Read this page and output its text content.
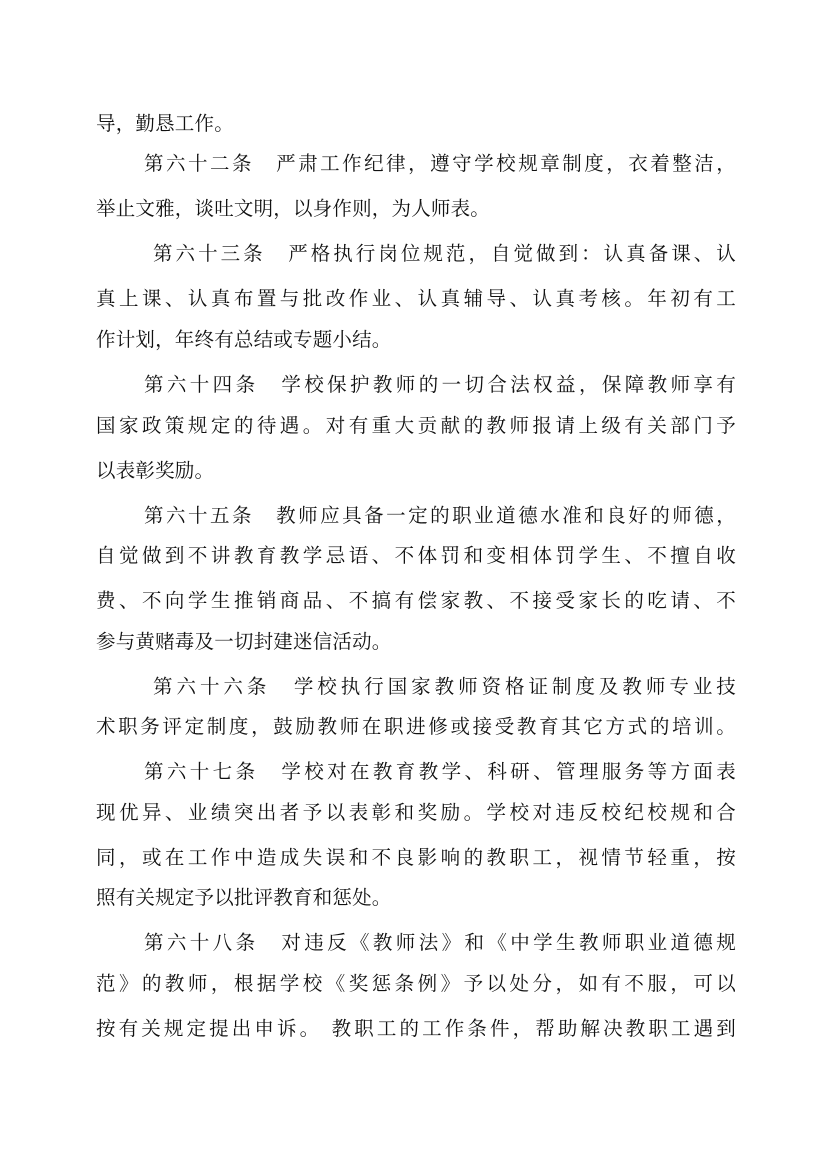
导，勤恳工作。
第六十二条　严肃工作纪律，遵守学校规章制度，衣着整洁，
举止文雅，谈吐文明，以身作则，为人师表。
第六十三条　严格执行岗位规范，自觉做到：认真备课、认
真上课、认真布置与批改作业、认真辅导、认真考核。年初有工
作计划，年终有总结或专题小结。
第六十四条　学校保护教师的一切合法权益，保障教师享有
国家政策规定的待遇。对有重大贡献的教师报请上级有关部门予
以表彰奖励。
第六十五条　教师应具备一定的职业道德水准和良好的师德，
自觉做到不讲教育教学忌语、不体罚和变相体罚学生、不擅自收
费、不向学生推销商品、不搞有偿家教、不接受家长的吃请、不
参与黄赌毒及一切封建迷信活动。
第六十六条　学校执行国家教师资格证制度及教师专业技
术职务评定制度，鼓励教师在职进修或接受教育其它方式的培训。
第六十七条　学校对在教育教学、科研、管理服务等方面表
现优异、业绩突出者予以表彰和奖励。学校对违反校纪校规和合
同，或在工作中造成失误和不良影响的教职工，视情节轻重，按
照有关规定予以批评教育和惩处。
第六十八条　对违反《教师法》和《中学生教师职业道德规
范》的教师，根据学校《奖惩条例》予以处分，如有不服，可以
按有关规定提出申诉。 教职工的工作条件，帮助解决教职工遇到
